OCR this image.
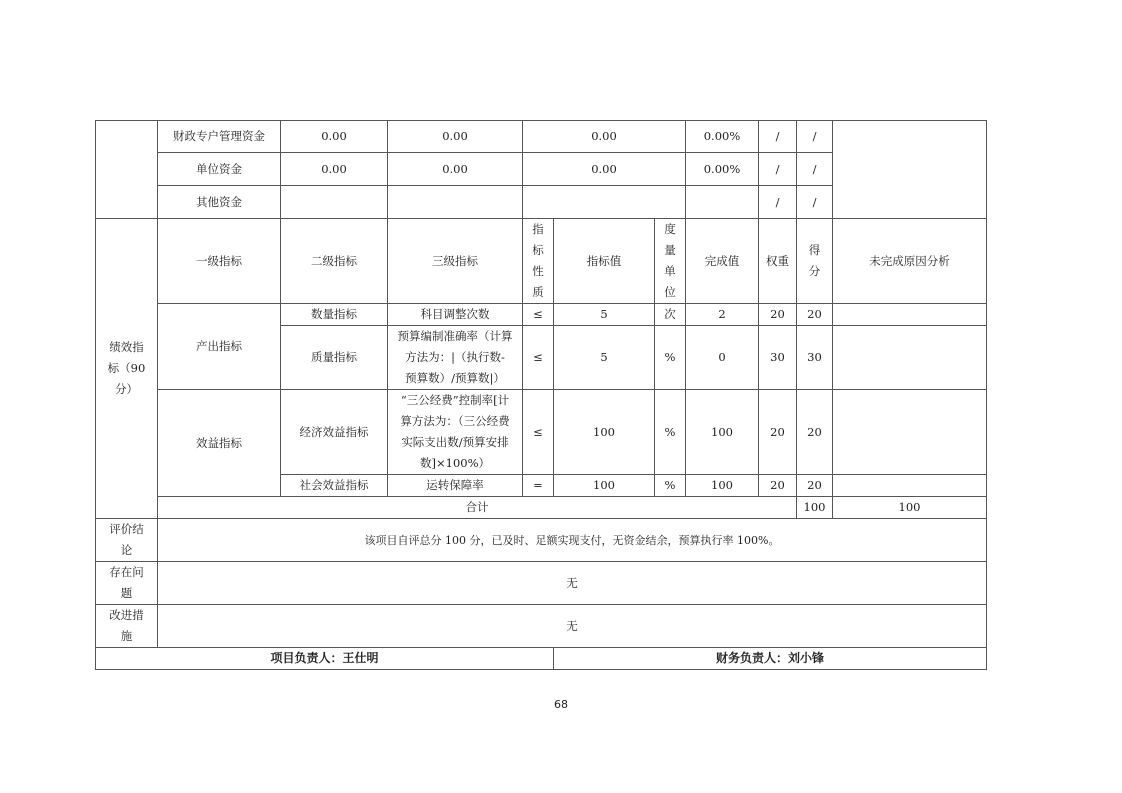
	财政专户管理资金	0.00	0.00	0.00			0.00%	/	/		
	单位资金	0.00	0.00	0.00			0.00%	/	/		
	其他资金							/	/		

绩效指
标（90
分）	一级指标	二级指标	三级指标	指
标
性
质	指标值	度
量
单
位	完成值	权重	得
分	未完成原因分析	
	产出指标	数量指标	科目调整次数	≤	5	次	2	20	20		
		质量指标	预算编制准确率（计算
方法为：|（执行数-
预算数）/预算数|）	≤	5	%	0	30	30		
	效益指标	经济效益指标	“三公经费”控制率[计
算方法为：（三公经费
实际支出数/预算安排
数]×100%）	≤	100	%	100	20	20		
		社会效益指标	运转保障率	=	100	%	100	20	20		
	合计								100	100	

评价结
论	该项目自评总分 100 分，已及时、足额实现支付，无资金结余，预算执行率 100%。										

存在问
题	无										

改进措
施	无										
项目负责人：王仕明					财务负责人：刘小锋						
68
